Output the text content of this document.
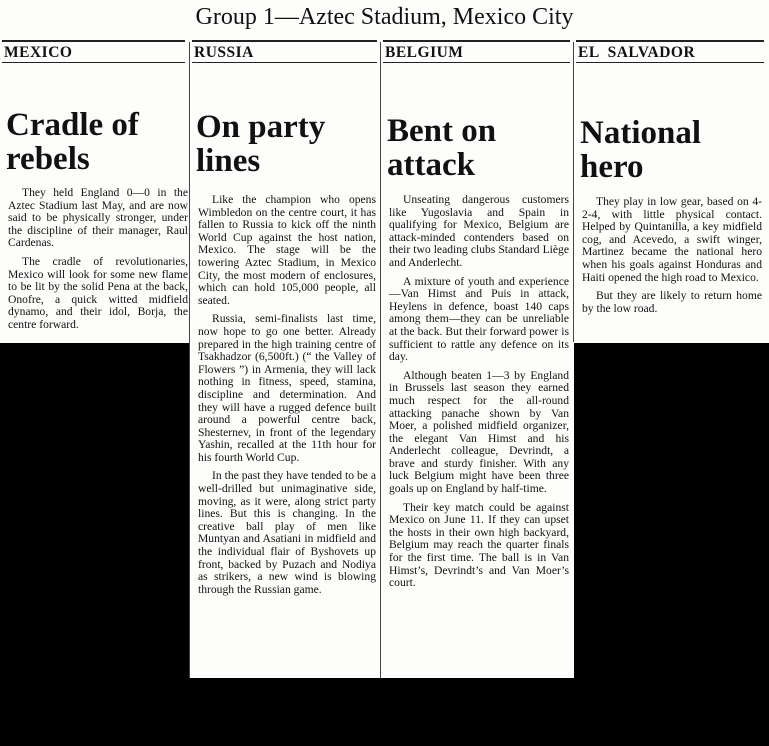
Group 1—Aztec Stadium, Mexico City
MEXICO
Cradle of
rebels

They held England 0—0 in the Aztec Stadium last May, and are now said to be physically stronger, under the discipline of their manager, Raul Cardenas.

The cradle of revolutionaries, Mexico will look for some new flame to be lit by the solid Pena at the back, Onofre, a quick witted midfield dynamo, and their idol, Borja, the centre forward.

RUSSIA
On party
lines

Like the champion who opens Wimbledon on the centre court, it has fallen to Russia to kick off the ninth World Cup against the host nation, Mexico. The stage will be the towering Aztec Stadium, in Mexico City, the most modern of enclosures, which can hold 105,000 people, all seated.

Russia, semi-finalists last time, now hope to go one better. Already prepared in the high training centre of Tsakhadzor (6,500ft.) (“ the Valley of Flowers ”) in Armenia, they will lack nothing in fitness, speed, stamina, discipline and determination. And they will have a rugged defence built around a powerful centre back, Shesternev, in front of the legendary Yashin, recalled at the 11th hour for his fourth World Cup.

In the past they have tended to be a well-drilled but unimaginative side, moving, as it were, along strict party lines. But this is changing. In the creative ball play of men like Muntyan and Asatiani in midfield and the individual flair of Byshovets up front, backed by Puzach and Nodiya as strikers, a new wind is blowing through the Russian game.

BELGIUM
Bent on
attack

Unseating dangerous customers like Yugoslavia and Spain in qualifying for Mexico, Belgium are attack-minded contenders based on their two leading clubs Standard Liège and Anderlecht.

A mixture of youth and experience—Van Himst and Puis in attack, Heylens in defence, boast 140 caps among them—they can be unreliable at the back. But their forward power is sufficient to rattle any defence on its day.

Although beaten 1—3 by England in Brussels last season they earned much respect for the all-round attacking panache shown by Van Moer, a polished midfield organizer, the elegant Van Himst and his Anderlecht colleague, Devrindt, a brave and sturdy finisher. With any luck Belgium might have been three goals up on England by half-time.

Their key match could be against Mexico on June 11. If they can upset the hosts in their own high backyard, Belgium may reach the quarter finals for the first time. The ball is in Van Himst’s, Devrindt’s and Van Moer’s court.

EL  SALVADOR
National
hero

They play in low gear, based on 4-2-4, with little physical contact. Helped by Quintanilla, a key midfield cog, and Acevedo, a swift winger, Martinez became the national hero when his goals against Honduras and Haiti opened the high road to Mexico.

But they are likely to return home by the low road.
